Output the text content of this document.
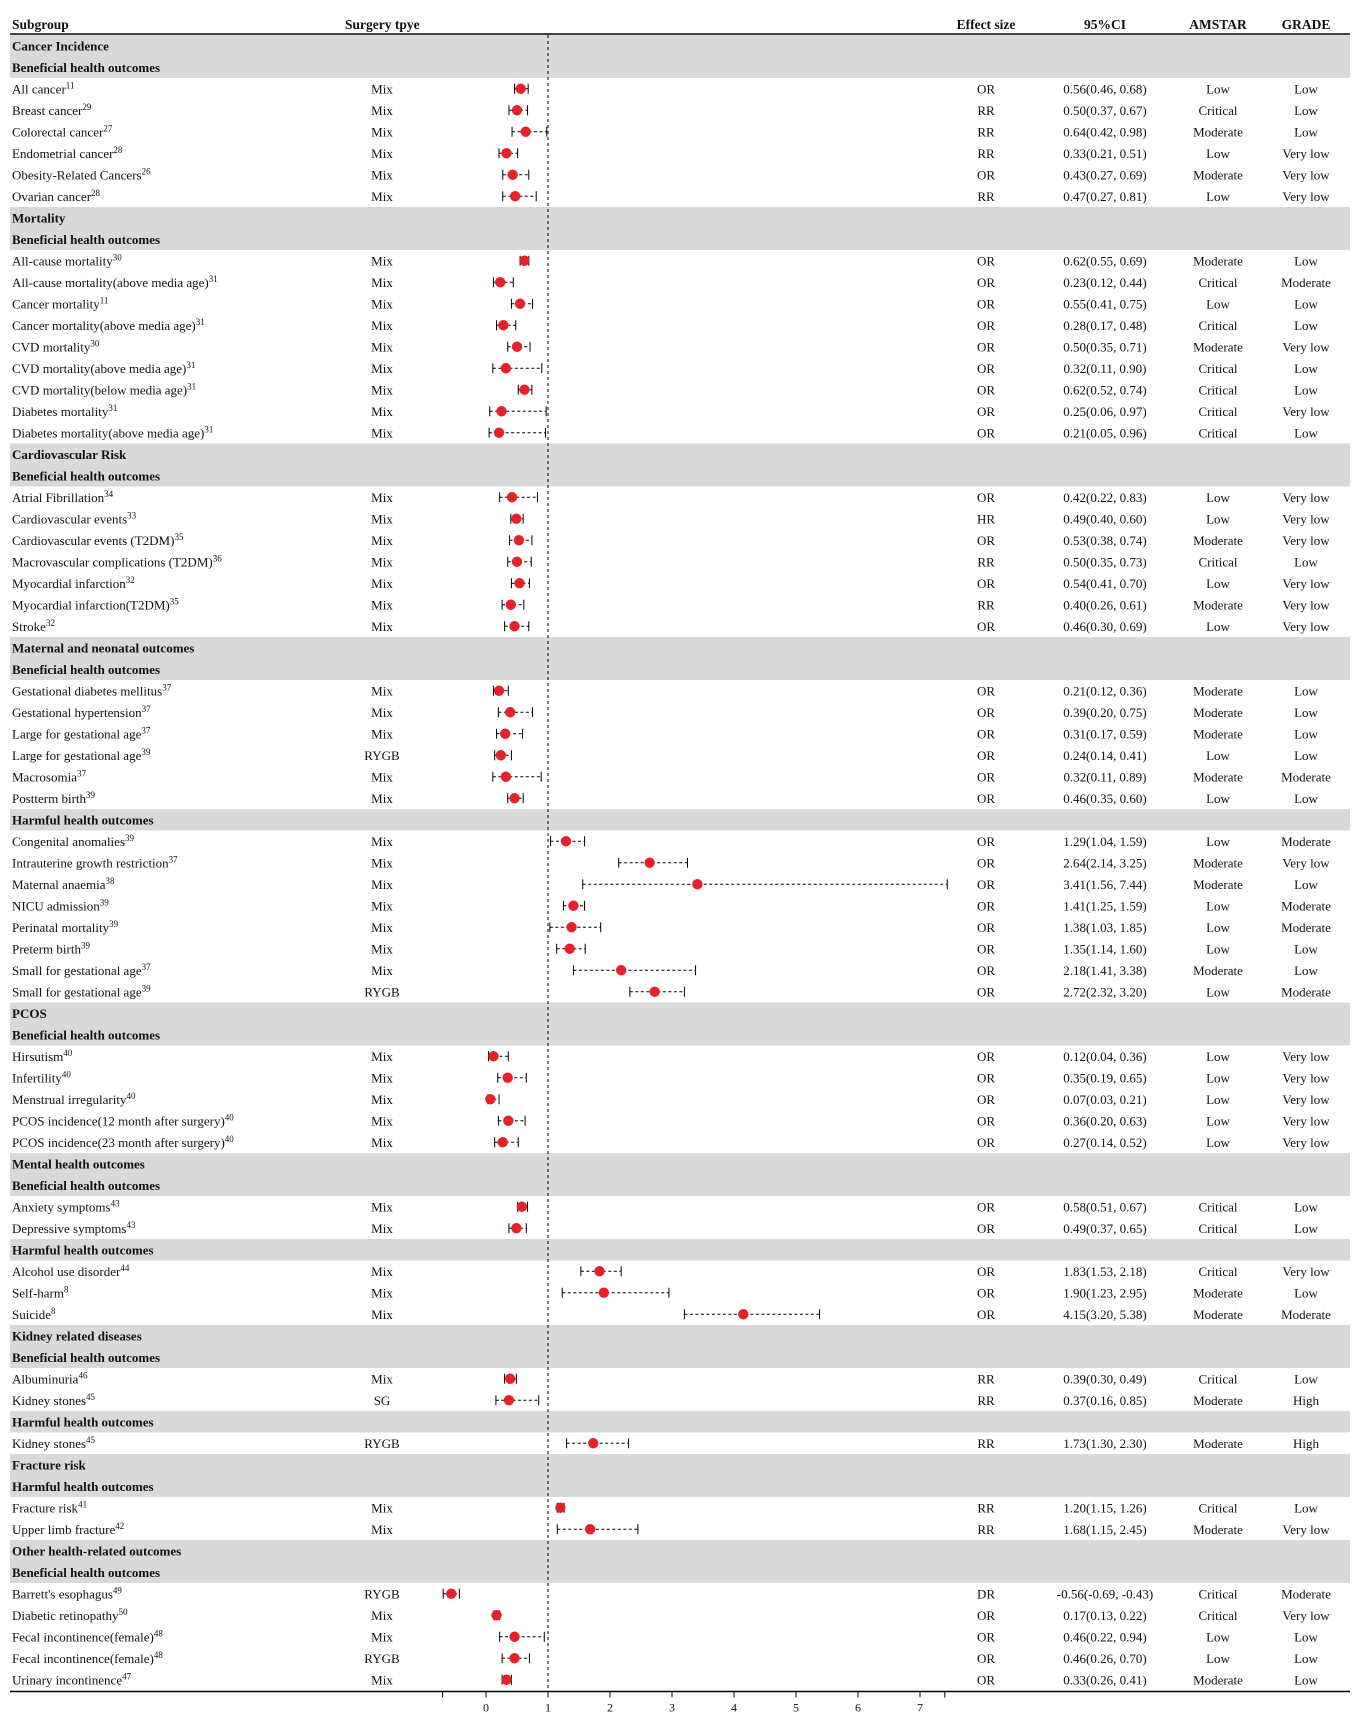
Subgroup	Surgery tpye	Effect size	95%CI	AMSTAR	GRADE
Cancer Incidence
Beneficial health outcomes
All cancer$^{11}$	Mix	OR	0.56(0.46, 0.68)	Low	Low
Breast cancer$^{29}$	Mix	RR	0.50(0.37, 0.67)	Critical	Low
Colorectal cancer$^{27}$	Mix	RR	0.64(0.42, 0.98)	Moderate	Low
Endometrial cancer$^{28}$	Mix	RR	0.33(0.21, 0.51)	Low	Very low
Obesity-Related Cancers$^{26}$	Mix	OR	0.43(0.27, 0.69)	Moderate	Very low
Ovarian cancer$^{28}$	Mix	RR	0.47(0.27, 0.81)	Low	Very low
Mortality
Beneficial health outcomes
All-cause mortality$^{30}$	Mix	OR	0.62(0.55, 0.69)	Moderate	Low
All-cause mortality(above media age)$^{31}$	Mix	OR	0.23(0.12, 0.44)	Critical	Moderate
Cancer mortality$^{11}$	Mix	OR	0.55(0.41, 0.75)	Low	Low
Cancer mortality(above media age)$^{31}$	Mix	OR	0.28(0.17, 0.48)	Critical	Low
CVD mortality$^{30}$	Mix	OR	0.50(0.35, 0.71)	Moderate	Very low
CVD mortality(above media age)$^{31}$	Mix	OR	0.32(0.11, 0.90)	Critical	Low
CVD mortality(below media age)$^{31}$	Mix	OR	0.62(0.52, 0.74)	Critical	Low
Diabetes mortality$^{31}$	Mix	OR	0.25(0.06, 0.97)	Critical	Very low
Diabetes mortality(above media age)$^{31}$	Mix	OR	0.21(0.05, 0.96)	Critical	Low
Cardiovascular Risk
Beneficial health outcomes
Atrial Fibrillation$^{34}$	Mix	OR	0.42(0.22, 0.83)	Low	Very low
Cardiovascular events$^{33}$	Mix	HR	0.49(0.40, 0.60)	Low	Very low
Cardiovascular events $(T2DM)^{35}$	Mix	OR	0.53(0.38, 0.74)	Moderate	Very low
Macrovascular complications $(T2DM)^{36}$	Mix	RR	0.50(0.35, 0.73)	Critical	Low
Myocardial infarction$^{32}$	Mix	OR	0.54(0.41, 0.70)	Low	Very low
Myocardial $infarction(T2DM)^{35}$	Mix	RR	0.40(0.26, 0.61)	Moderate	Very low
Stroke$^{32}$	Mix	OR	0.46(0.30, 0.69)	Low	Very low
Maternal and neonatal outcomes
Beneficial health outcomes
Gestational diabetes mellitus$^{37}$	Mix	OR	0.21(0.12, 0.36)	Moderate	Low
Gestational hypertension$^{37}$	Mix	OR	0.39(0.20, 0.75)	Moderate	Low
Large for gestational age$^{37}$	Mix	OR	0.31(0.17, 0.59)	Moderate	Low
Large for gestational age$^{39}$	RYGB	OR	0.24(0.14, 0.41)	Low	Low
Macrosomia$^{37}$	Mix	OR	0.32(0.11, 0.89)	Moderate	Moderate
Postterm birth$^{39}$	Mix	OR	0.46(0.35, 0.60)	Low	Low
Harmful health outcomes
Congenital anomalies$^{39}$	Mix	OR	1.29(1.04, 1.59)	Low	Moderate
Intrauterine growth restriction$^{37}$	Mix	OR	2.64(2.14, 3.25)	Moderate	Very low
Maternal anaemia$^{38}$	Mix	OR	3.41(1.56, 7.44)	Moderate	Low
NICU admission$^{39}$	Mix	OR	1.41(1.25, 1.59)	Low	Moderate
Perinatal mortality$^{39}$	Mix	OR	1.38(1.03, 1.85)	Low	Moderate
Preterm birth$^{39}$	Mix	OR	1.35(1.14, 1.60)	Low	Low
Small for gestational age$^{37}$	Mix	OR	2.18(1.41, 3.38)	Moderate	Low
Small for gestational age$^{39}$	RYGB	OR	2.72(2.32, 3.20)	Low	Moderate
PCOS
Beneficial health outcomes
Hirsutism$^{40}$	Mix	OR	0.12(0.04, 0.36)	Low	Very low
Infertility$^{40}$	Mix	OR	0.35(0.19, 0.65)	Low	Very low
Menstrual irregularity$^{40}$	Mix	OR	0.07(0.03, 0.21)	Low	Very low
PCOS incidence(12 month after surgery)$^{40}$	Mix	OR	0.36(0.20, 0.63)	Low	Very low
PCOS incidence(23 month after surgery)$^{40}$	Mix	OR	0.27(0.14, 0.52)	Low	Very low
Mental health outcomes
Beneficial health outcomes
Anxiety symptoms$^{43}$	Mix	OR	0.58(0.51, 0.67)	Critical	Low
Depressive symptoms$^{43}$	Mix	OR	0.49(0.37, 0.65)	Critical	Low
Harmful health outcomes
Alcohol use disorder$^{44}$	Mix	OR	1.83(1.53, 2.18)	Critical	Very low
Self-harm$^8$	Mix	OR	1.90(1.23, 2.95)	Moderate	Low
Suicide$^8$	Mix	OR	4.15(3.20, 5.38)	Moderate	Moderate
Kidney related diseases
Beneficial health outcomes
Albuminuria$^{46}$	Mix	RR	0.39(0.30, 0.49)	Critical	Low
Kidney stones$^{45}$	SG	RR	0.37(0.16, 0.85)	Moderate	High
Harmful health outcomes
Kidney stones$^{45}$	RYGB	RR	1.73(1.30, 2.30)	Moderate	High
Fracture risk
Harmful health outcomes
Fracture risk$^{41}$	Mix	RR	1.20(1.15, 1.26)	Critical	Low
Upper limb fracture$^{42}$	Mix	RR	1.68(1.15, 2.45)	Moderate	Very low
Other health-related outcomes
Beneficial health outcomes
Barrett's esophagus$^{49}$	RYGB	DR	-0.56(-0.69, -0.43)	Critical	Moderate
Diabetic retinopathy$^{50}$	Mix	OR	0.17(0.13, 0.22)	Critical	Very low
Fecal incontinence(female)$^{48}$	Mix	OR	0.46(0.22, 0.94)	Low	Low
Fecal incontinence(female)$^{48}$	RYGB	OR	0.46(0.26, 0.70)	Low	Low
Urinary incontinence$^{47}$	Mix	OR	0.33(0.26, 0.41)	Moderate	Low
0	1	2	3	4	5	6	7
